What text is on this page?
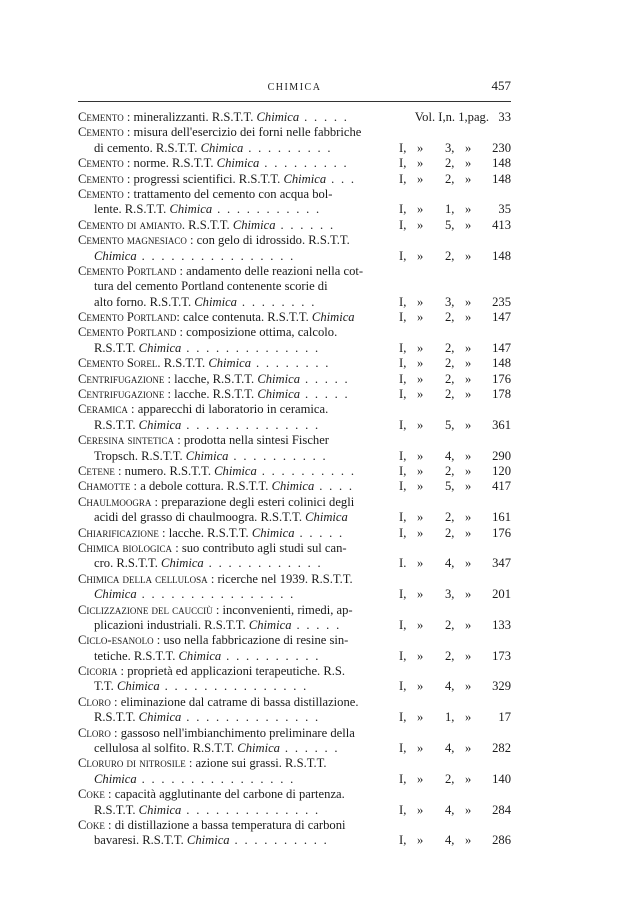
CHIMICA	457
Cemento : mineralizzanti. R.S.T.T. Chimica . . . . .	Vol. I,n. 1,pag. 33
Cemento : misura dell'esercizio dei forni nelle fabbriche
di cemento. R.S.T.T. Chimica . . . . . . . . .	I, » 3, » 230
Cemento : norme. R.S.T.T. Chimica . . . . . . . . .	I, » 2, » 148
Cemento : progressi scientifici. R.S.T.T. Chimica . . .	I, » 2, » 148
Cemento : trattamento del cemento con acqua bol-
lente. R.S.T.T. Chimica . . . . . . . . . . .	I, » 1, » 35
Cemento di amianto. R.S.T.T. Chimica . . . . . .	I, » 5, » 413
Cemento magnesiaco : con gelo di idrossido. R.S.T.T.
Chimica . . . . . . . . . . . . . . . .	I, » 2, » 148
Cemento Portland : andamento delle reazioni nella cot-
tura del cemento Portland contenente scorie di
alto forno. R.S.T.T. Chimica . . . . . . . .	I, » 3, » 235
Cemento Portland: calce contenuta. R.S.T.T. Chimica	I, » 2, » 147
Cemento Portland : composizione ottima, calcolo.
R.S.T.T. Chimica . . . . . . . . . . . . . .	I, » 2, » 147
Cemento Sorel. R.S.T.T. Chimica . . . . . . . .	I, » 2, » 148
Centrifugazione : lacche, R.S.T.T. Chimica . . . . .	I, » 2, » 176
Centrifugazione : lacche. R.S.T.T. Chimica . . . . .	I, » 2, » 178
Ceramica : apparecchi di laboratorio in ceramica.
R.S.T.T. Chimica . . . . . . . . . . . . . .	I, » 5, » 361
Ceresina sintetica : prodotta nella sintesi Fischer
Tropsch. R.S.T.T. Chimica . . . . . . . . . .	I, » 4, » 290
Cetene : numero. R.S.T.T. Chimica . . . . . . . . . .	I, » 2, » 120
Chamotte : a debole cottura. R.S.T.T. Chimica . . . .	I, » 5, » 417
Chaulmoogra : preparazione degli esteri colinici degli
acidi del grasso di chaulmoogra. R.S.T.T. Chimica	I, » 2, » 161
Chiarificazione : lacche. R.S.T.T. Chimica . . . . .	I, » 2, » 176
Chimica biologica : suo contributo agli studi sul can-
cro. R.S.T.T. Chimica . . . . . . . . . . . .	I. » 4, » 347
Chimica della cellulosa : ricerche nel 1939. R.S.T.T.
Chimica . . . . . . . . . . . . . . . .	I, » 3, » 201
Ciclizzazione del caucciù : inconvenienti, rimedi, ap-
plicazioni industriali. R.S.T.T. Chimica . . . . .	I, » 2, » 133
Ciclo-esanolo : uso nella fabbricazione di resine sin-
tetiche. R.S.T.T. Chimica . . . . . . . . . .	I, » 2, » 173
Cicoria : proprietà ed applicazioni terapeutiche. R.S.
T.T. Chimica . . . . . . . . . . . . . . .	I, » 4, » 329
Cloro : eliminazione dal catrame di bassa distillazione.
R.S.T.T. Chimica . . . . . . . . . . . . . .	I, » 1, » 17
Cloro : gassoso nell'imbianchimento preliminare della
cellulosa al solfito. R.S.T.T. Chimica . . . . . .	I, » 4, » 282
Cloruro di nitrosile : azione sui grassi. R.S.T.T.
Chimica . . . . . . . . . . . . . . . .	I, » 2, » 140
Coke : capacità agglutinante del carbone di partenza.
R.S.T.T. Chimica . . . . . . . . . . . . . .	I, » 4, » 284
Coke : di distillazione a bassa temperatura di carboni
bavaresi. R.S.T.T. Chimica . . . . . . . . . .	I, » 4, » 286
